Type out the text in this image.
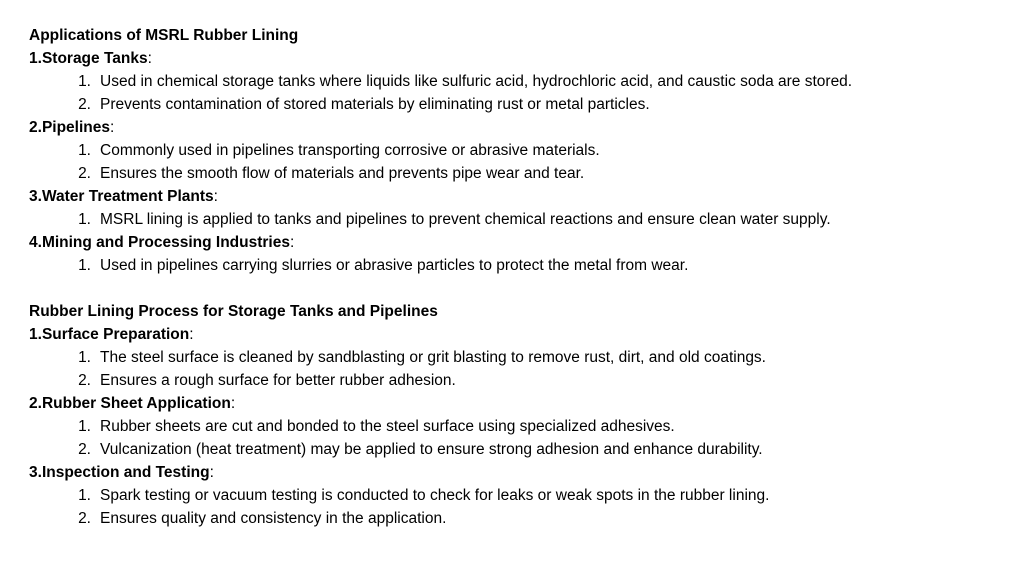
Applications of MSRL Rubber Lining
1.Storage Tanks:
1. Used in chemical storage tanks where liquids like sulfuric acid, hydrochloric acid, and caustic soda are stored.
2. Prevents contamination of stored materials by eliminating rust or metal particles.
2.Pipelines:
1. Commonly used in pipelines transporting corrosive or abrasive materials.
2. Ensures the smooth flow of materials and prevents pipe wear and tear.
3.Water Treatment Plants:
1. MSRL lining is applied to tanks and pipelines to prevent chemical reactions and ensure clean water supply.
4.Mining and Processing Industries:
1. Used in pipelines carrying slurries or abrasive particles to protect the metal from wear.
Rubber Lining Process for Storage Tanks and Pipelines
1.Surface Preparation:
1. The steel surface is cleaned by sandblasting or grit blasting to remove rust, dirt, and old coatings.
2. Ensures a rough surface for better rubber adhesion.
2.Rubber Sheet Application:
1. Rubber sheets are cut and bonded to the steel surface using specialized adhesives.
2. Vulcanization (heat treatment) may be applied to ensure strong adhesion and enhance durability.
3.Inspection and Testing:
1. Spark testing or vacuum testing is conducted to check for leaks or weak spots in the rubber lining.
2. Ensures quality and consistency in the application.
